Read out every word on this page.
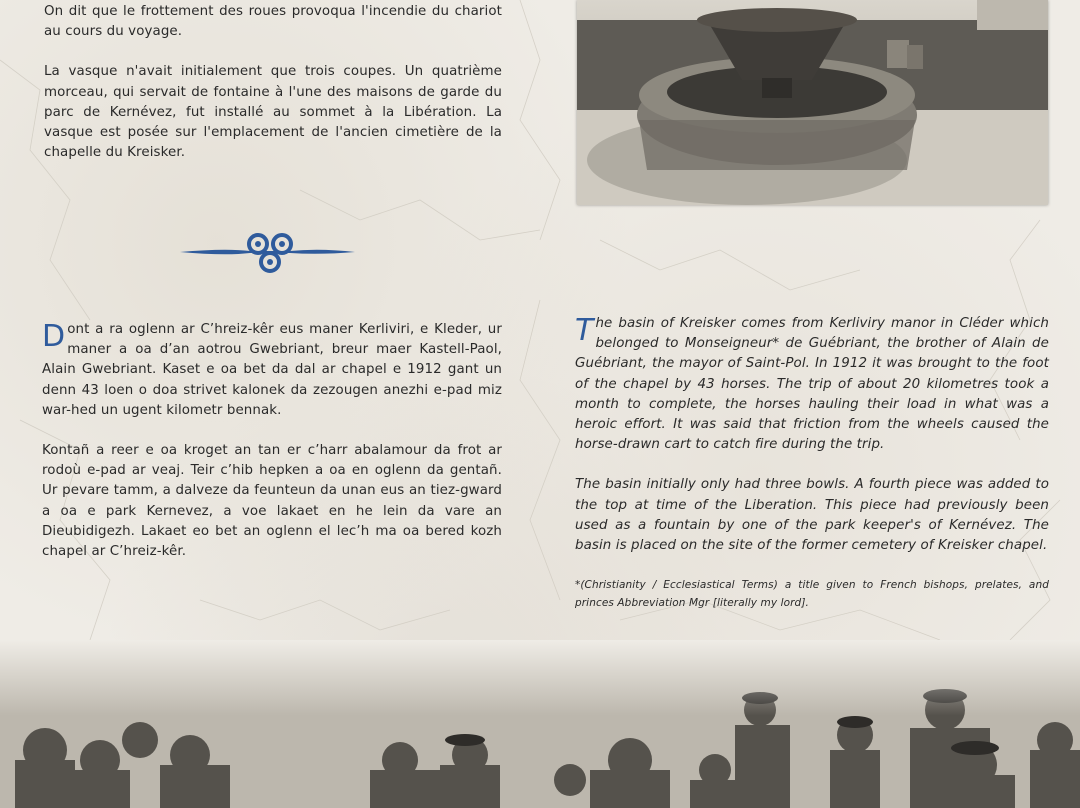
On dit que le frottement des roues provoqua l'incendie du chariot au cours du voyage.

La vasque n'avait initialement que trois coupes. Un quatrième morceau, qui servait de fontaine à l'une des maisons de garde du parc de Kernévez, fut installé au sommet à la Libération. La vasque est posée sur l'emplacement de l'ancien cimetière de la chapelle du Kreisker.

Dont a ra oglenn ar C’hreiz-kêr eus maner Kerliviri, e Kleder, ur maner a oa d’an aotrou Gwebriant, breur maer Kastell-Paol, Alain Gwebriant. Kaset e oa bet da dal ar chapel e 1912 gant un denn 43 loen o doa strivet kalonek da zezougen anezhi e-pad miz war-hed un ugent kilometr bennak.

Kontañ a reer e oa kroget an tan er c’harr abalamour da frot ar rodoù e-pad ar veaj. Teir c’hib hepken a oa en oglenn da gentañ. Ur pevare tamm, a dalveze da feunteun da unan eus an tiez-gward a oa e park Kernevez, a voe lakaet en he lein da vare an Dieubidigezh. Lakaet eo bet an oglenn el lec’h ma oa bered kozh chapel ar C’hreiz-kêr.

The basin of Kreisker comes from Kerliviry manor in Cléder which belonged to Monseigneur* de Guébriant, the brother of Alain de Guébriant, the mayor of Saint-Pol. In 1912 it was brought to the foot of the chapel by 43 horses. The trip of about 20 kilometres took a month to complete, the horses hauling their load in what was a heroic effort. It was said that friction from the wheels caused the horse-drawn cart to catch fire during the trip.

The basin initially only had three bowls. A fourth piece was added to the top at time of the Liberation. This piece had previously been used as a fountain by one of the park keeper's of Kernévez. The basin is placed on the site of the former cemetery of Kreisker chapel.

*(Christianity / Ecclesiastical Terms) a title given to French bishops, prelates, and princes Abbreviation Mgr [literally my lord].
